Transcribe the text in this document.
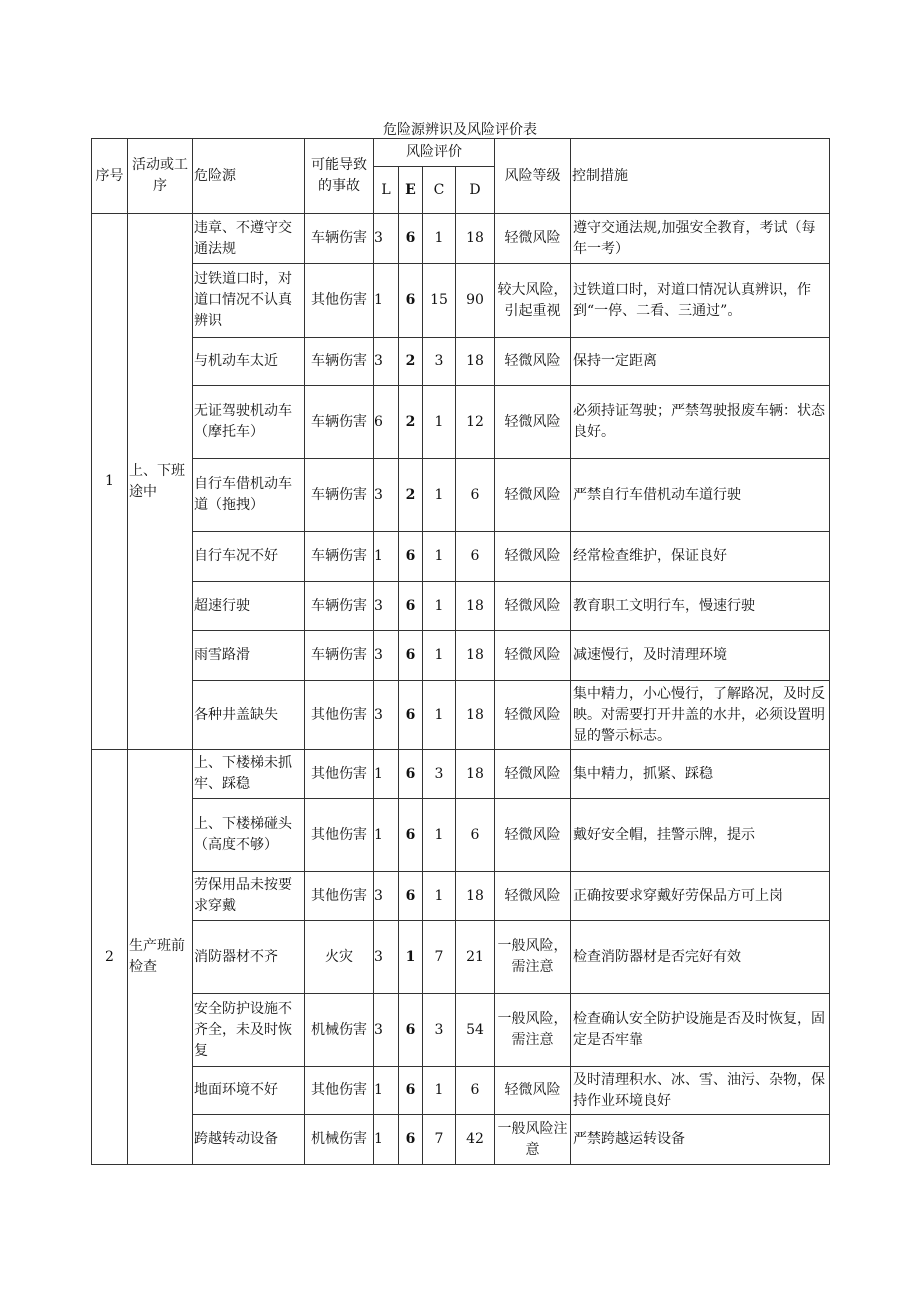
危险源辨识及风险评价表
序号	活动或工序	危险源	可能导致的事故	风险评价				风险等级	控制措施
				L	E	C	D		
1	上、下班途中	违章、不遵守交通法规	车辆伤害	3	6	1	18	轻微风险	遵守交通法规,加强安全教育，考试（每年一考）
		过铁道口时，对道口情况不认真辨识	其他伤害	1	6	15	90	较大风险，引起重视	过铁道口时，对道口情况认真辨识，作到“一停、二看、三通过”。
		与机动车太近	车辆伤害	3	2	3	18	轻微风险	保持一定距离
		无证驾驶机动车（摩托车）	车辆伤害	6	2	1	12	轻微风险	必须持证驾驶；严禁驾驶报废车辆：状态良好。
		自行车借机动车道（拖拽）	车辆伤害	3	2	1	6	轻微风险	严禁自行车借机动车道行驶
		自行车况不好	车辆伤害	1	6	1	6	轻微风险	经常检查维护，保证良好
		超速行驶	车辆伤害	3	6	1	18	轻微风险	教育职工文明行车，慢速行驶
		雨雪路滑	车辆伤害	3	6	1	18	轻微风险	减速慢行，及时清理环境
		各种井盖缺失	其他伤害	3	6	1	18	轻微风险	集中精力，小心慢行，了解路况，及时反映。对需要打开井盖的水井，必须设置明显的警示标志。
2	生产班前检查	上、下楼梯未抓牢、踩稳	其他伤害	1	6	3	18	轻微风险	集中精力，抓紧、踩稳
		上、下楼梯碰头（高度不够）	其他伤害	1	6	1	6	轻微风险	戴好安全帽，挂警示牌，提示
		劳保用品未按要求穿戴	其他伤害	3	6	1	18	轻微风险	正确按要求穿戴好劳保品方可上岗
		消防器材不齐	火灾	3	1	7	21	一般风险，需注意	检查消防器材是否完好有效
		安全防护设施不齐全，未及时恢复	机械伤害	3	6	3	54	一般风险，需注意	检查确认安全防护设施是否及时恢复，固定是否牢靠
		地面环境不好	其他伤害	1	6	1	6	轻微风险	及时清理积水、冰、雪、油污、杂物，保持作业环境良好
		跨越转动设备	机械伤害	1	6	7	42	一般风险注意	严禁跨越运转设备
